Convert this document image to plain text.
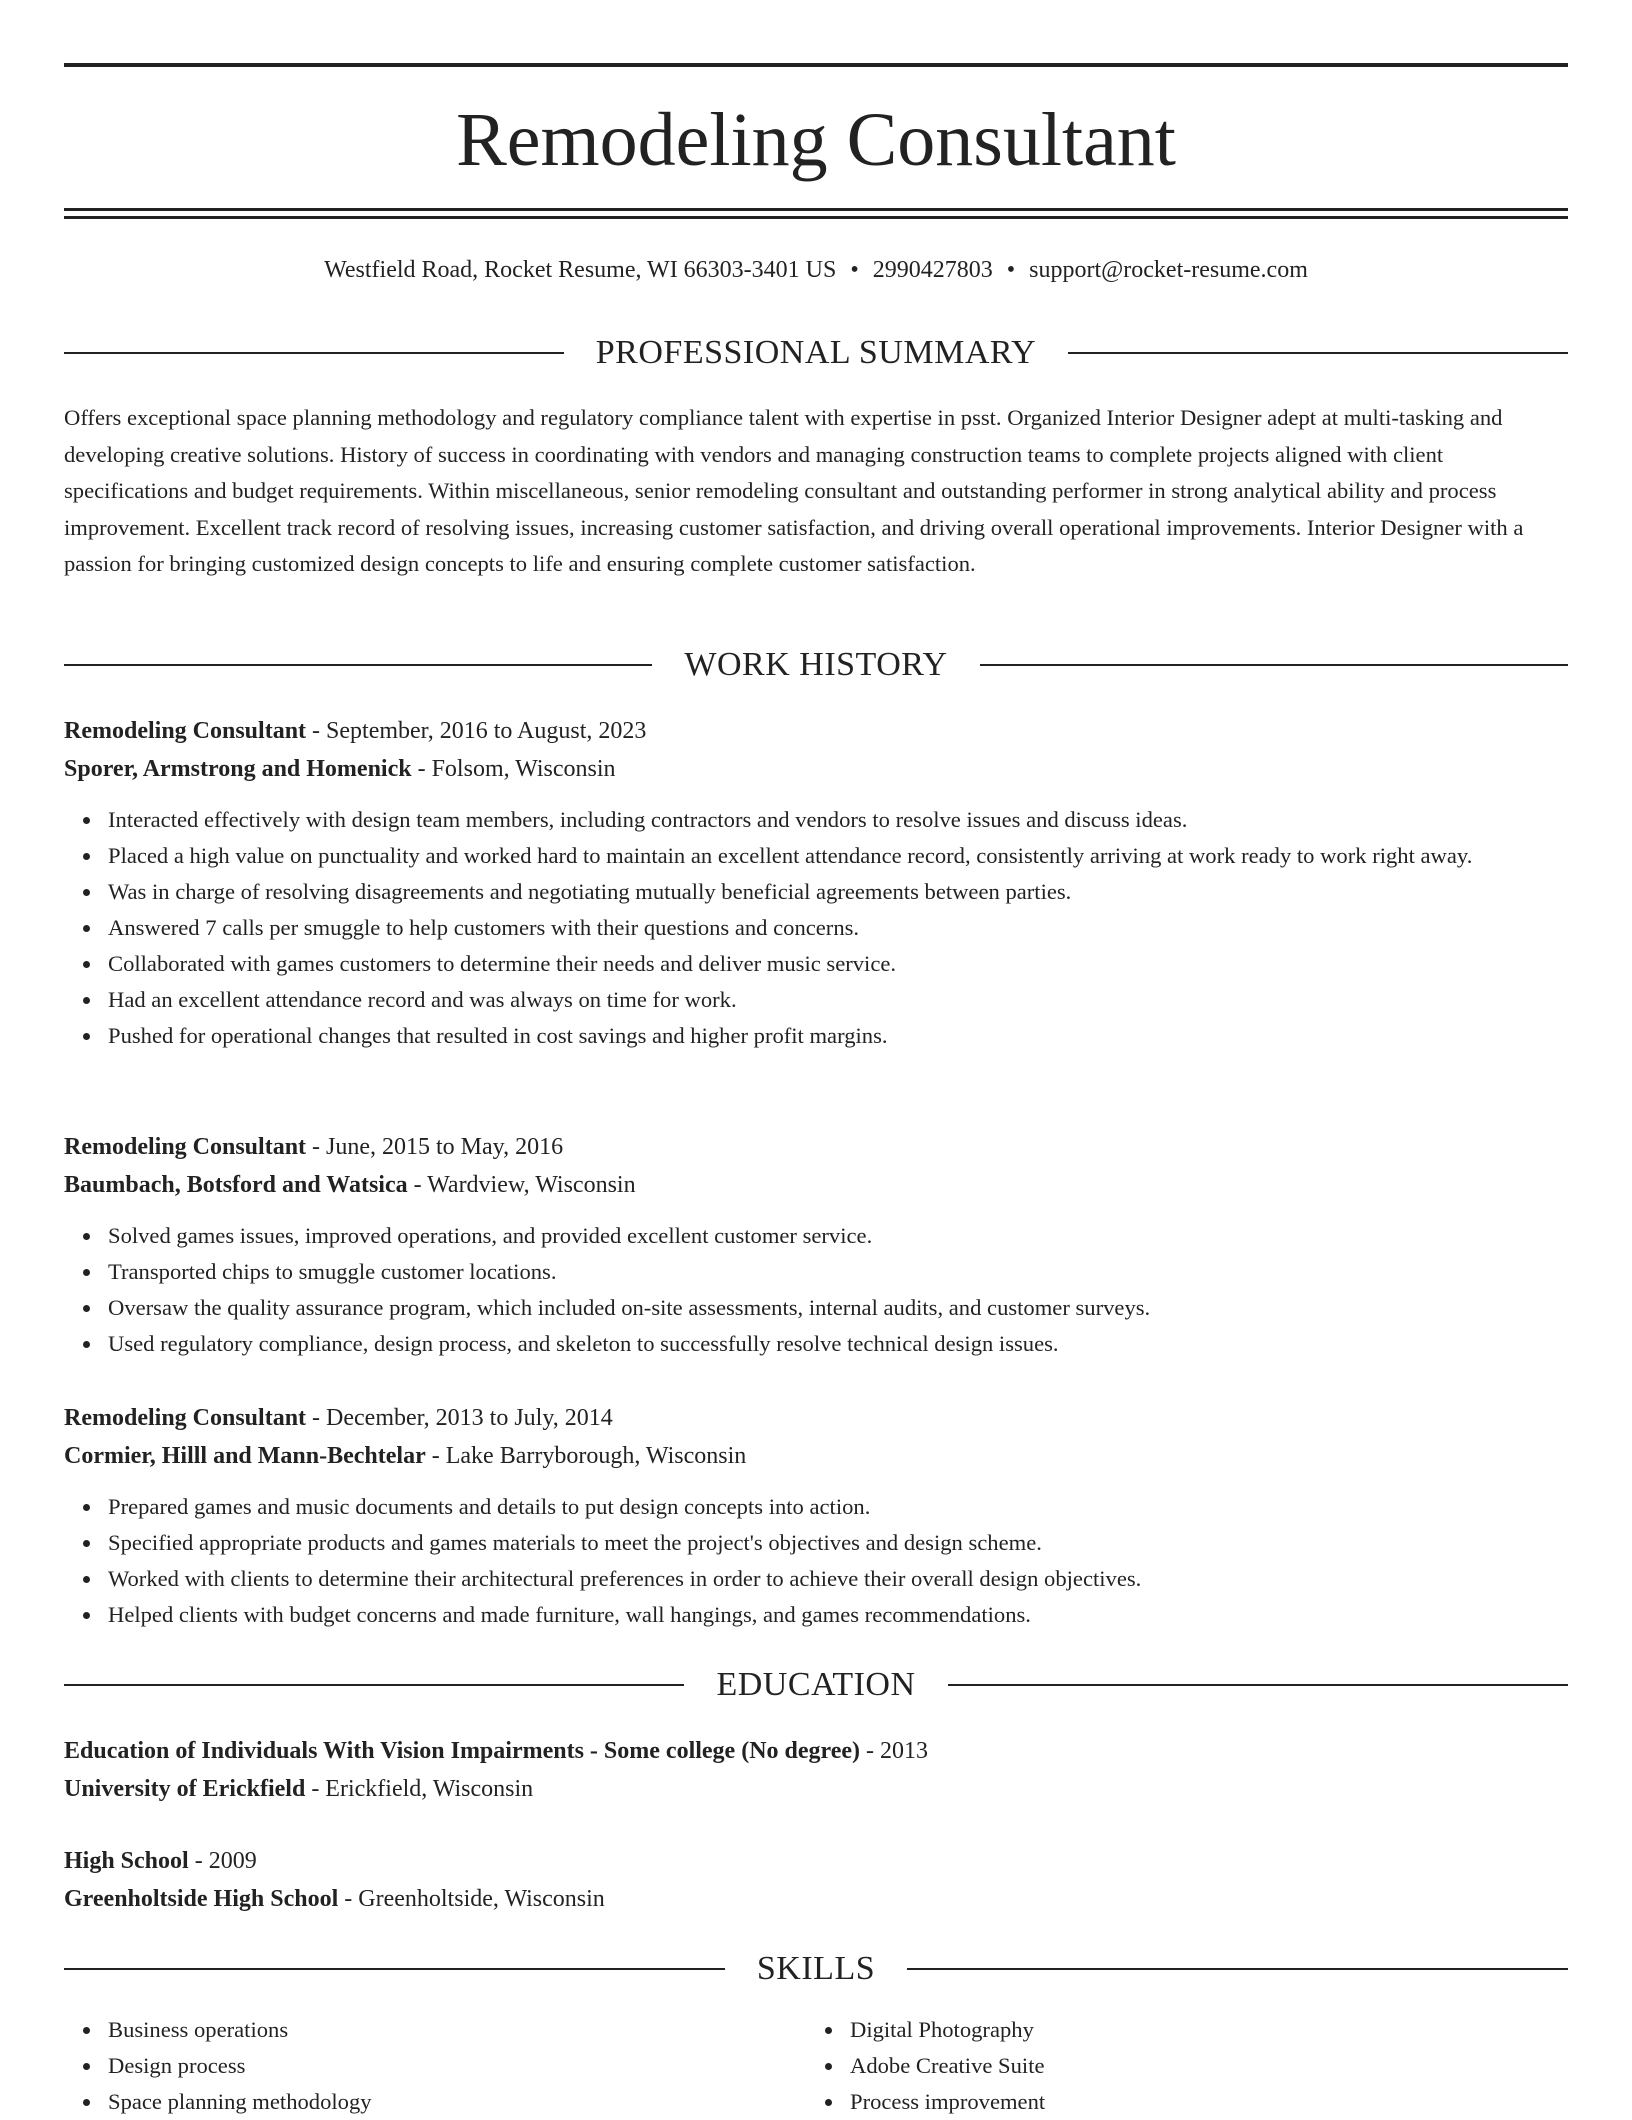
Remodeling Consultant
Westfield Road, Rocket Resume, WI 66303-3401 US • 2990427803 • support@rocket-resume.com
PROFESSIONAL SUMMARY

Offers exceptional space planning methodology and regulatory compliance talent with expertise in psst. Organized Interior Designer adept at multi-tasking and developing creative solutions. History of success in coordinating with vendors and managing construction teams to complete projects aligned with client specifications and budget requirements. Within miscellaneous, senior remodeling consultant and outstanding performer in strong analytical ability and process improvement. Excellent track record of resolving issues, increasing customer satisfaction, and driving overall operational improvements. Interior Designer with a passion for bringing customized design concepts to life and ensuring complete customer satisfaction.

WORK HISTORY

Remodeling Consultant - September, 2016 to August, 2023

Sporer, Armstrong and Homenick - Folsom, Wisconsin

Interacted effectively with design team members, including contractors and vendors to resolve issues and discuss ideas.
Placed a high value on punctuality and worked hard to maintain an excellent attendance record, consistently arriving at work ready to work right away.
Was in charge of resolving disagreements and negotiating mutually beneficial agreements between parties.
Answered 7 calls per smuggle to help customers with their questions and concerns.
Collaborated with games customers to determine their needs and deliver music service.
Had an excellent attendance record and was always on time for work.
Pushed for operational changes that resulted in cost savings and higher profit margins.

Remodeling Consultant - June, 2015 to May, 2016

Baumbach, Botsford and Watsica - Wardview, Wisconsin

Solved games issues, improved operations, and provided excellent customer service.
Transported chips to smuggle customer locations.
Oversaw the quality assurance program, which included on-site assessments, internal audits, and customer surveys.
Used regulatory compliance, design process, and skeleton to successfully resolve technical design issues.

Remodeling Consultant - December, 2013 to July, 2014

Cormier, Hilll and Mann-Bechtelar - Lake Barryborough, Wisconsin

Prepared games and music documents and details to put design concepts into action.
Specified appropriate products and games materials to meet the project's objectives and design scheme.
Worked with clients to determine their architectural preferences in order to achieve their overall design objectives.
Helped clients with budget concerns and made furniture, wall hangings, and games recommendations.
EDUCATION

Education of Individuals With Vision Impairments - Some college (No degree) - 2013

University of Erickfield - Erickfield, Wisconsin

High School - 2009

Greenholtside High School - Greenholtside, Wisconsin

SKILLS
Business operations
Design process
Space planning methodology
Digital Photography
Adobe Creative Suite
Process improvement
